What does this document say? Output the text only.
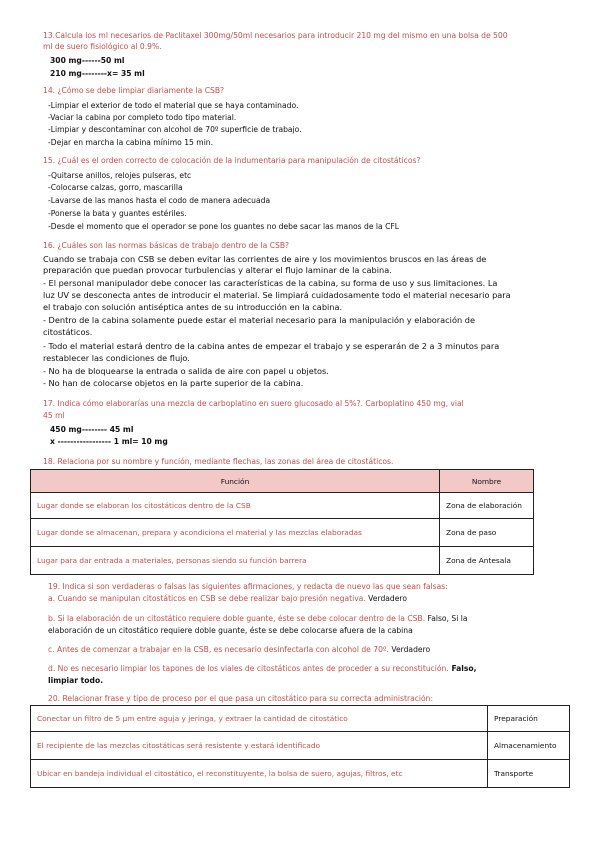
13.Calcula los ml necesarios de Paclitaxel 300mg/50ml necesarios para introducir 210 mg del mismo en una bolsa de 500
ml de suero fisiológico al 0.9%.
300 mg------50 ml
210 mg--------x= 35 ml
14. ¿Cómo se debe limpiar diariamente la CSB?
-Limpiar el exterior de todo el material que se haya contaminado.
-Vaciar la cabina por completo todo tipo material.
-Limpiar y descontaminar con alcohol de 70º superficie de trabajo.
-Dejar en marcha la cabina mínimo 15 min.
15. ¿Cuál es el orden correcto de colocación de la indumentaria para manipulación de citostáticos?
-Quitarse anillos, relojes pulseras, etc
-Colocarse calzas, gorro, mascarilla
-Lavarse de las manos hasta el codo de manera adecuada
-Ponerse la bata y guantes estériles.
-Desde el momento que el operador se pone los guantes no debe sacar las manos de la CFL
16. ¿Cuáles son las normas básicas de trabajo dentro de la CSB?
Cuando se trabaja con CSB se deben evitar las corrientes de aire y los movimientos bruscos en las áreas de
preparación que puedan provocar turbulencias y alterar el flujo laminar de la cabina.
- El personal manipulador debe conocer las características de la cabina, su forma de uso y sus limitaciones. La
luz UV se desconecta antes de introducir el material. Se limpiará cuidadosamente todo el material necesario para
el trabajo con solución antiséptica antes de su introducción en la cabina.
- Dentro de la cabina solamente puede estar el material necesario para la manipulación y elaboración de
citostáticos.
- Todo el material estará dentro de la cabina antes de empezar el trabajo y se esperarán de 2 a 3 minutos para
restablecer las condiciones de flujo.
- No ha de bloquearse la entrada o salida de aire con papel u objetos.
- No han de colocarse objetos en la parte superior de la cabina.
17. Indica cómo elaborarías una mezcla de carboplatino en suero glucosado al 5%?. Carboplatino 450 mg, vial
45 ml
450 mg-------- 45 ml
x ----------------- 1 ml= 10 mg
18. Relaciona por su nombre y función, mediante flechas, las zonas del área de citostáticos.
Función	Nombre
Lugar donde se elaboran los citostáticos dentro de la CSB	Zona de elaboración
Lugar donde se almacenan, prepara y acondiciona el material y las mezclas elaboradas	Zona de paso
Lugar para dar entrada a materiales, personas siendo su función barrera	Zona de Antesala
19. Indica si son verdaderas o falsas las siguientes afirmaciones, y redacta de nuevo las que sean falsas:
a. Cuando se manipulan citostáticos en CSB se debe realizar bajo presión negativa. Verdadero
b. Si la elaboración de un citostático requiere doble guante, éste se debe colocar dentro de la CSB. Falso, Si la
elaboración de un citostático requiere doble guante, éste se debe colocarse afuera de la cabina
c. Antes de comenzar a trabajar en la CSB, es necesario desinfectarla con alcohol de 70º. Verdadero
d. No es necesario limpiar los tapones de los viales de citostáticos antes de proceder a su reconstitución. Falso,
limpiar todo.
20. Relacionar frase y tipo de proceso por el que pasa un citostático para su correcta administración:
Conectar un filtro de 5 μm entre aguja y jeringa, y extraer la cantidad de citostático	Preparación
El recipiente de las mezclas citostáticas será resistente y estará identificado	Almacenamiento
Ubicar en bandeja individual el citostático, el reconstituyente, la bolsa de suero, agujas, filtros, etc	Transporte
